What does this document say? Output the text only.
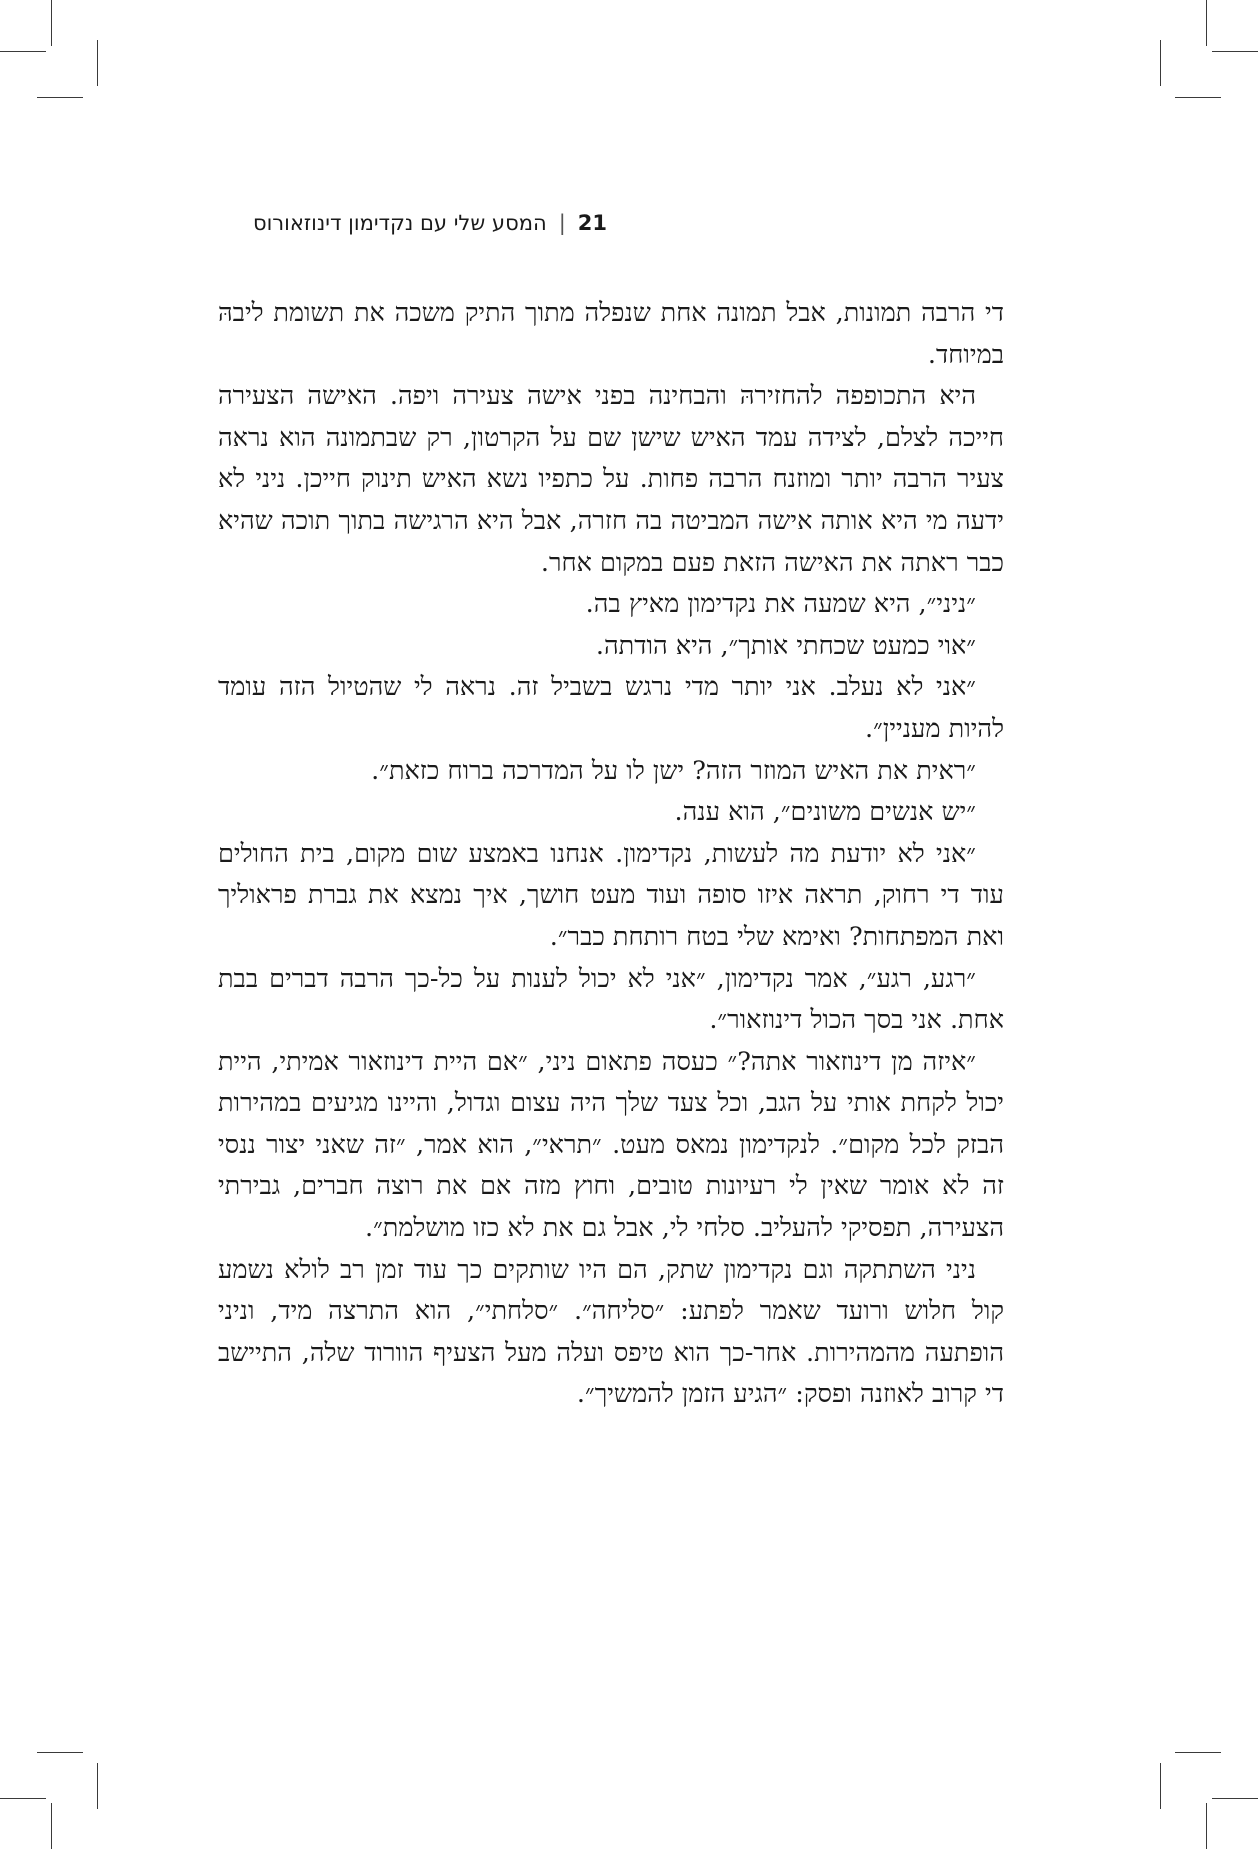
המסע שלי עם נקדימון דינוזאורוס | 21

די הרבה תמונות, אבל תמונה אחת שנפלה מתוך התיק משכה את תשומת ליבהּ במיוחד.

היא התכופפה להחזירהּ והבחינה בפני אישה צעירה ויפה. האישה הצעירה חייכה לצלם, לצידה עמד האיש שישן שם על הקרטון, רק שבתמונה הוא נראה צעיר הרבה יותר ומוזנח הרבה פחות. על כתפיו נשא האיש תינוק חייכן. ניני לא ידעה מי היא אותה אישה המביטה בה חזרה, אבל היא הרגישה בתוך תוכה שהיא כבר ראתה את האישה הזאת פעם במקום אחר.

״ניני״, היא שמעה את נקדימון מאיץ בה.

״אוי כמעט שכחתי אותך״, היא הודתה.

״אני לא נעלב. אני יותר מדי נרגש בשביל זה. נראה לי שהטיול הזה עומד להיות מעניין״.

״ראית את האיש המוזר הזה? ישן לו על המדרכה ברוח כזאת״.

״יש אנשים משונים״, הוא ענה.

״אני לא יודעת מה לעשות, נקדימון. אנחנו באמצע שום מקום, בית החולים עוד די רחוק, תראה איזו סופה ועוד מעט חושך, איך נמצא את גברת פראוליך ואת המפתחות? ואימא שלי בטח רותחת כבר״.

״רגע, רגע״, אמר נקדימון, ״אני לא יכול לענות על כל-כך הרבה דברים בבת אחת. אני בסך הכול דינוזאור״.

״איזה מן דינוזאור אתה?״ כעסה פתאום ניני, ״אם היית דינוזאור אמיתי, היית יכול לקחת אותי על הגב, וכל צעד שלך היה עצום וגדול, והיינו מגיעים במהירות הבזק לכל מקום״. לנקדימון נמאס מעט. ״תראי״, הוא אמר, ״זה שאני יצור ננסי זה לא אומר שאין לי רעיונות טובים, וחוץ מזה אם את רוצה חברים, גבירתי הצעירה, תפסיקי להעליב. סלחי לי, אבל גם את לא כזו מושלמת״.

ניני השתתקה וגם נקדימון שתק, הם היו שותקים כך עוד זמן רב לולא נשמע קול חלוש ורועד שאמר לפתע: ״סליחה״. ״סלחתי״, הוא התרצה מיד, וניני הופתעה מהמהירות. אחר-כך הוא טיפס ועלה מעל הצעיף הוורוד שלה, התיישב די קרוב לאוזנה ופסק: ״הגיע הזמן להמשיך״.
